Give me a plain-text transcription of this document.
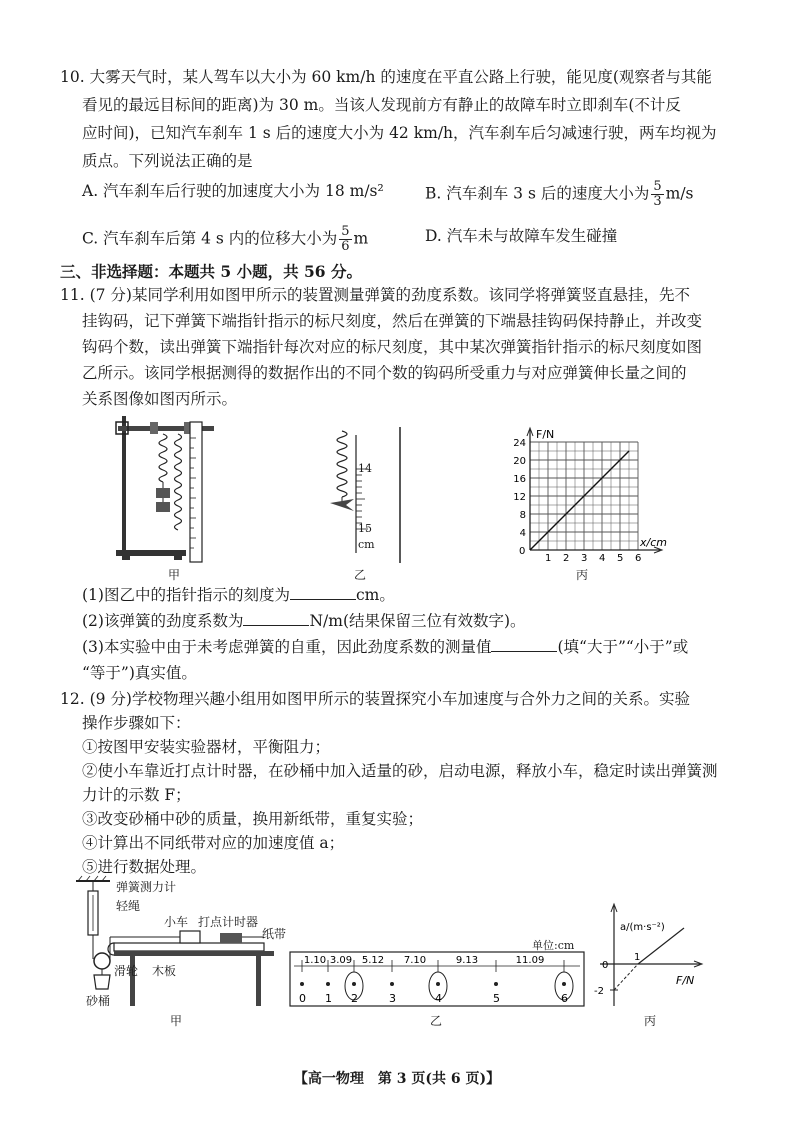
10. 大雾天气时，某人驾车以大小为 60 km/h 的速度在平直公路上行驶，能见度(观察者与其能
看见的最远目标间的距离)为 30 m。当该人发现前方有静止的故障车时立即刹车(不计反
应时间)，已知汽车刹车 1 s 后的速度大小为 42 km/h，汽车刹车后匀减速行驶，两车均视为
质点。下列说法正确的是
A. 汽车刹车后行驶的加速度大小为 18 m/s²	B. 汽车刹车 3 s 后的速度大小为 $\frac{5}{3} m/s$
C. 汽车刹车后第 4 s 内的位移大小为 $\frac{5}{6}$ m	D. 汽车未与故障车发生碰撞
三、非选择题：本题共 5 小题，共 56 分。
11. (7 分)某同学利用如图甲所示的装置测量弹簧的劲度系数。该同学将弹簧竖直悬挂，先不
挂钩码，记下弹簧下端指针指示的标尺刻度，然后在弹簧的下端悬挂钩码保持静止，并改变
钩码个数，读出弹簧下端指针每次对应的标尺刻度，其中某次弹簧指针指示的标尺刻度如图
乙所示。该同学根据测得的数据作出的不同个数的钩码所受重力与对应弹簧伸长量之间的
关系图像如图丙所示。
甲
14
15
cm
乙
1 2 3 4 5 6
4
8
12
16
20
24
F/N
x/cm
0
丙
(1)图乙中的指针指示的刻度为	cm。
(2)该弹簧的劲度系数为	N/m(结果保留三位有效数字)。
(3)本实验中由于未考虑弹簧的自重，因此劲度系数的测量值	(填“大于”“小于”或
“等于”)真实值。
12. (9 分)学校物理兴趣小组用如图甲所示的装置探究小车加速度与合外力之间的关系。实验
操作步骤如下：
①按图甲安装实验器材，平衡阻力；
②使小车靠近打点计时器，在砂桶中加入适量的砂，启动电源，释放小车，稳定时读出弹簧测
力计的示数 F；
③改变砂桶中砂的质量，换用新纸带，重复实验；
④计算出不同纸带对应的加速度值 a；
⑤进行数据处理。
弹簧测力计
轻绳
小车 打点计时器
纸带
滑轮 木板
砂桶
甲
单位:cm
0 1 2	3	4	5	6
1.10 3.09 5.12 7.10	9.13	11.09
乙
a/(m·s⁻²)
F/N
0
1
-2
丙
【高一物理　第 3 页(共 6 页)】
